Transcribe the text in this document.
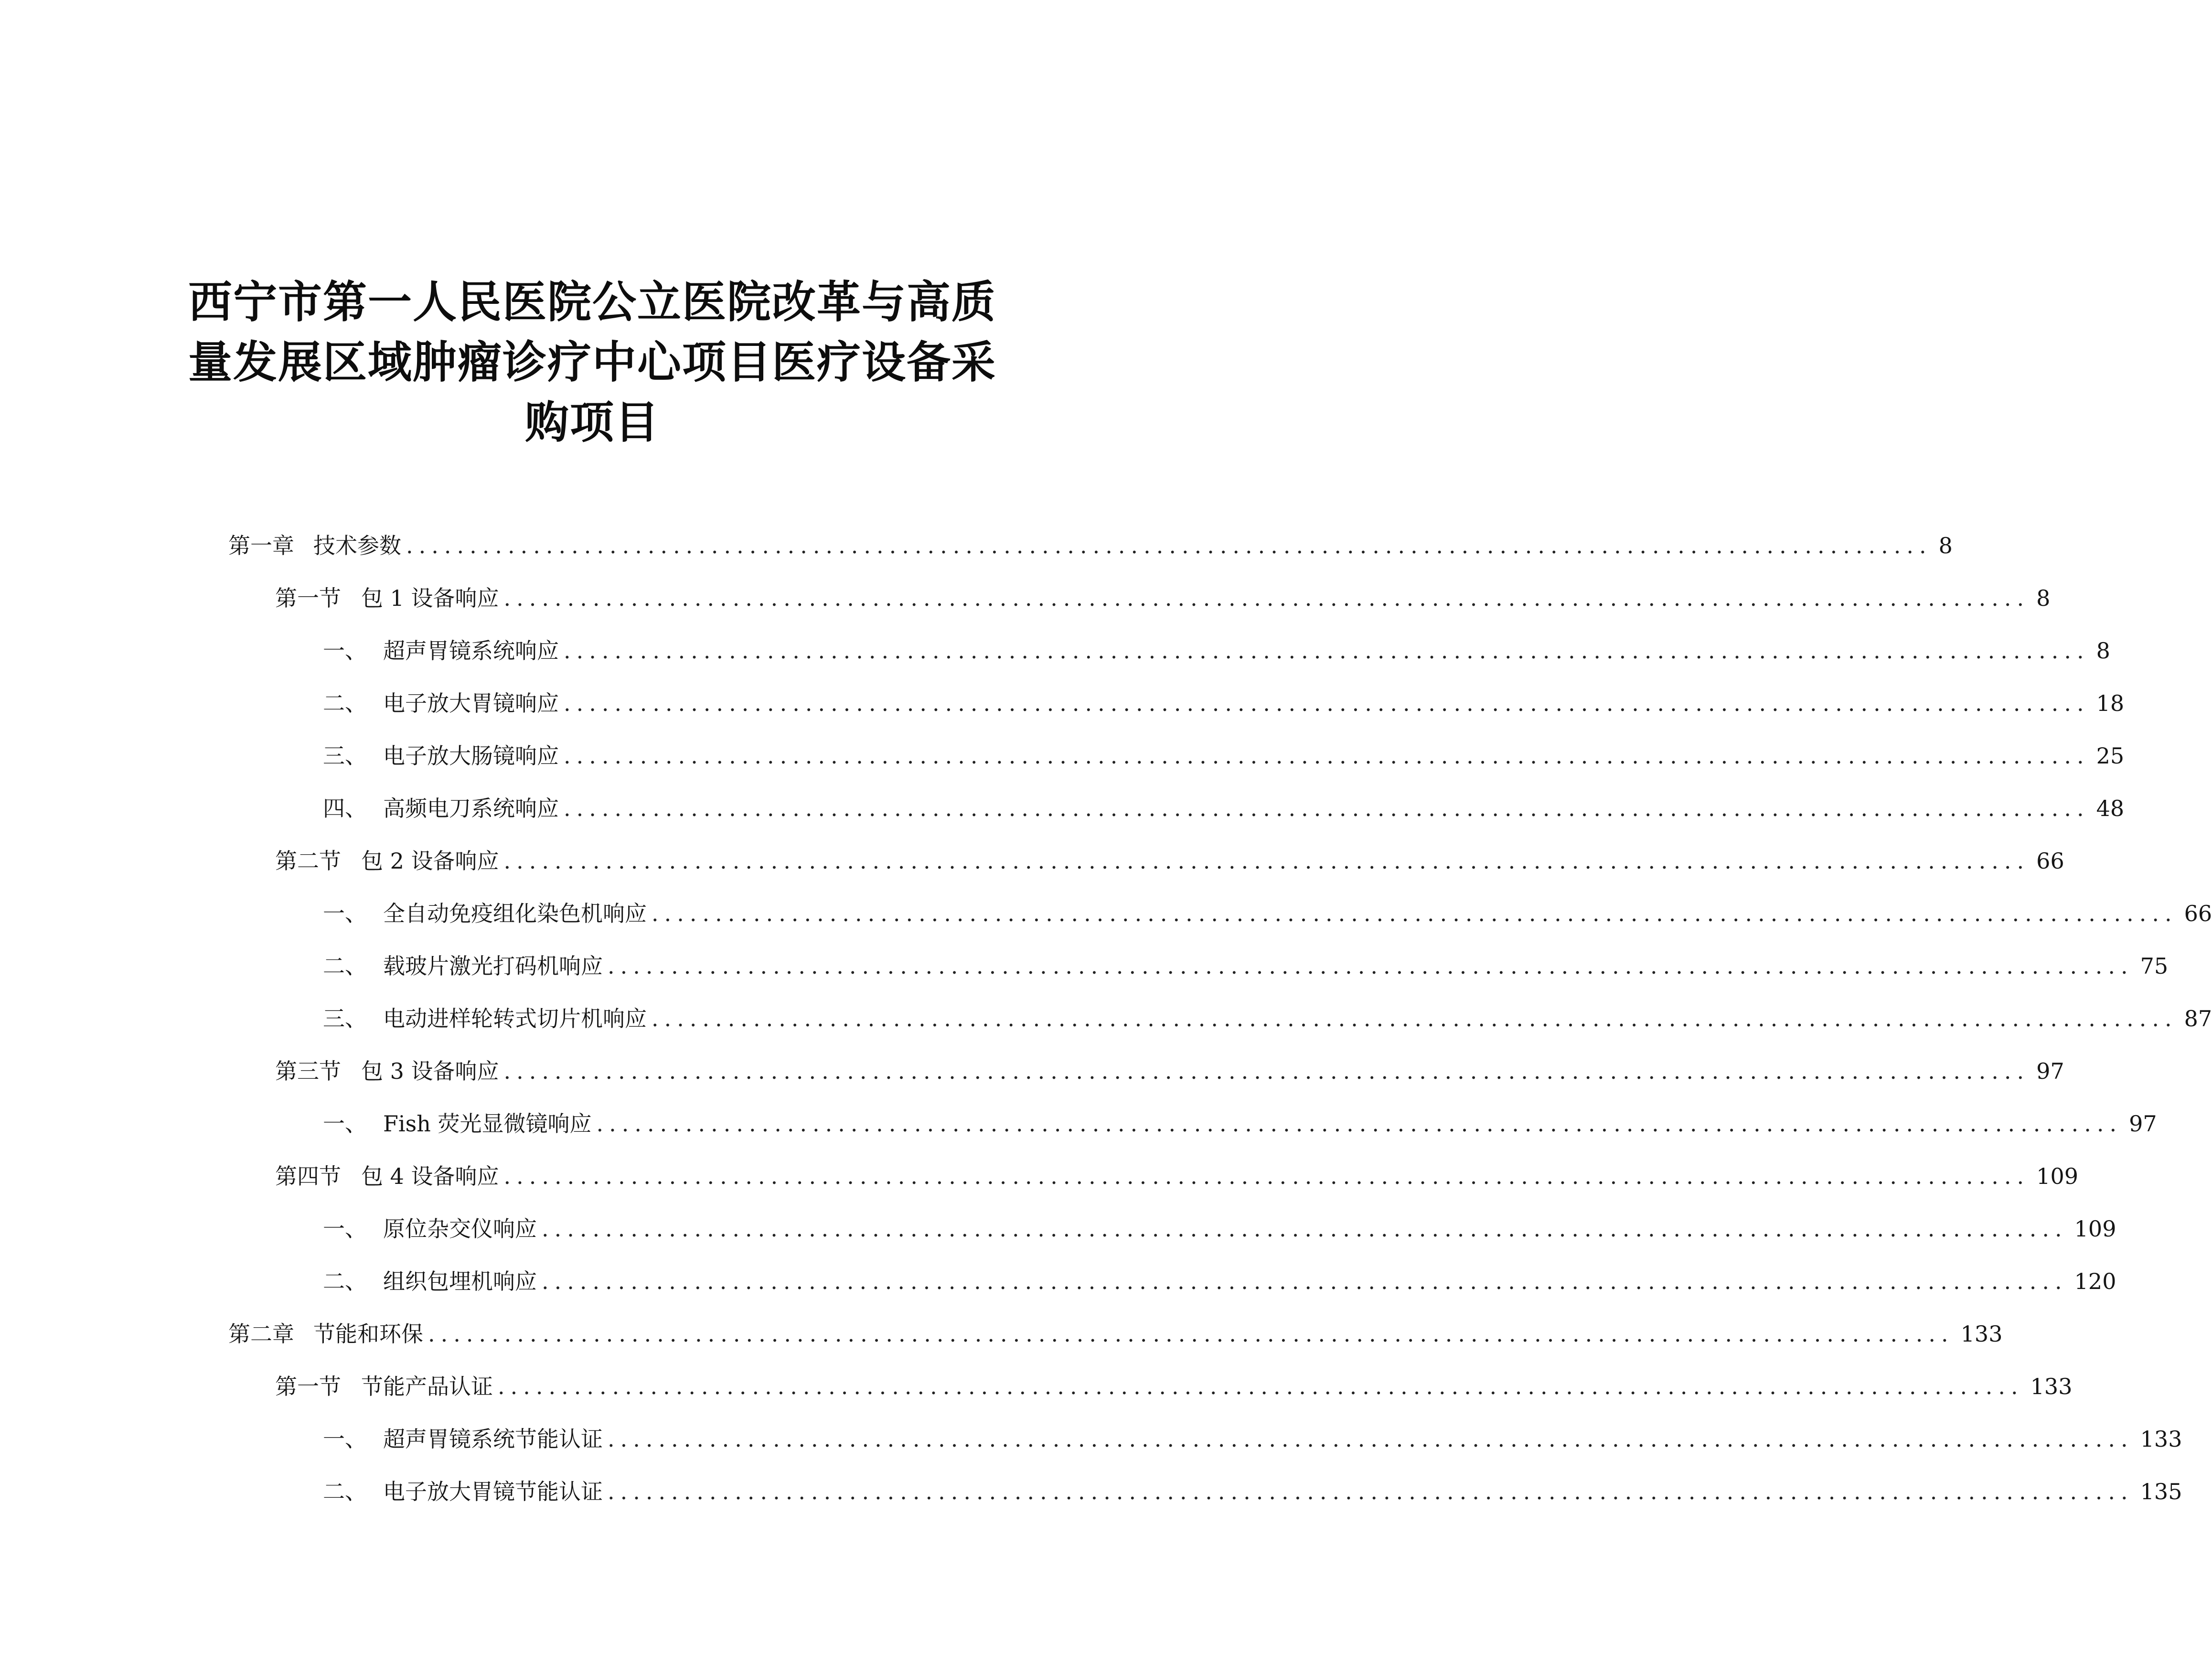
西宁市第一人民医院公立医院改革与高质
量发展区域肿瘤诊疗中心项目医疗设备采
购项目
第一章 技术参数 ........................................................................................................................ 8
第一节 包 1 设备响应 ........................................................................................................................ 8
一、 超声胃镜系统响应 ........................................................................................................................ 8
二、 电子放大胃镜响应 ........................................................................................................................ 18
三、 电子放大肠镜响应 ........................................................................................................................ 25
四、 高频电刀系统响应 ........................................................................................................................ 48
第二节 包 2 设备响应 ........................................................................................................................ 66
一、 全自动免疫组化染色机响应 ........................................................................................................................ 66
二、 载玻片激光打码机响应 ........................................................................................................................ 75
三、 电动进样轮转式切片机响应 ........................................................................................................................ 87
第三节 包 3 设备响应 ........................................................................................................................ 97
一、 Fish 荧光显微镜响应 ........................................................................................................................ 97
第四节 包 4 设备响应 ........................................................................................................................ 109
一、 原位杂交仪响应 ........................................................................................................................ 109
二、 组织包埋机响应 ........................................................................................................................ 120
第二章 节能和环保 ........................................................................................................................ 133
第一节 节能产品认证 ........................................................................................................................ 133
一、 超声胃镜系统节能认证 ........................................................................................................................ 133
二、 电子放大胃镜节能认证 ........................................................................................................................ 135
